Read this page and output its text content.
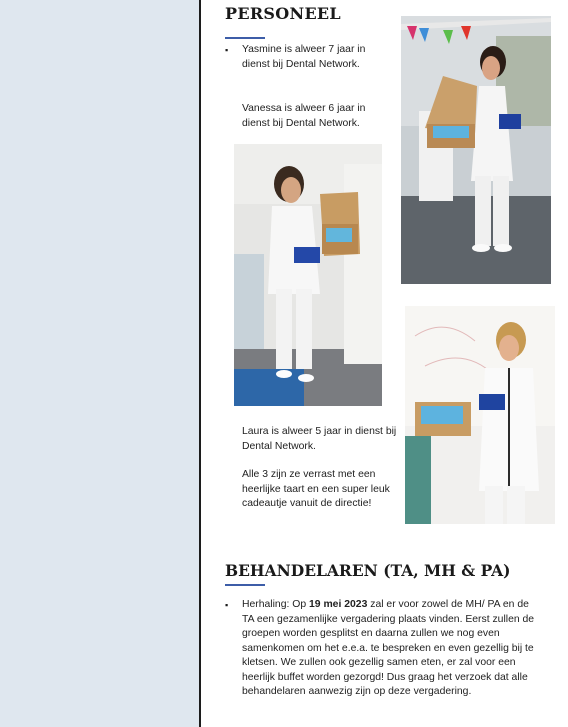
PERSONEEL
▪ Yasmine is alweer 7 jaar in dienst bij Dental Network.
Vanessa is alweer 6 jaar in dienst bij Dental Network.
Laura is alweer 5 jaar in dienst bij Dental Network.
Alle 3 zijn ze verrast met een heerlijke taart en een super leuk cadeautje vanuit de directie!
BEHANDELAREN (TA, MH & PA)
▪ Herhaling: Op 19 mei 2023 zal er voor zowel de MH/ PA en de TA een gezamenlijke vergadering plaats vinden. Eerst zullen de groepen worden gesplitst en daarna zullen we nog even samenkomen om het e.e.a. te bespreken en even gezellig bij te kletsen. We zullen ook gezellig samen eten, er zal voor een heerlijk buffet worden gezorgd! Dus graag het verzoek dat alle behandelaren aanwezig zijn op deze vergadering.
